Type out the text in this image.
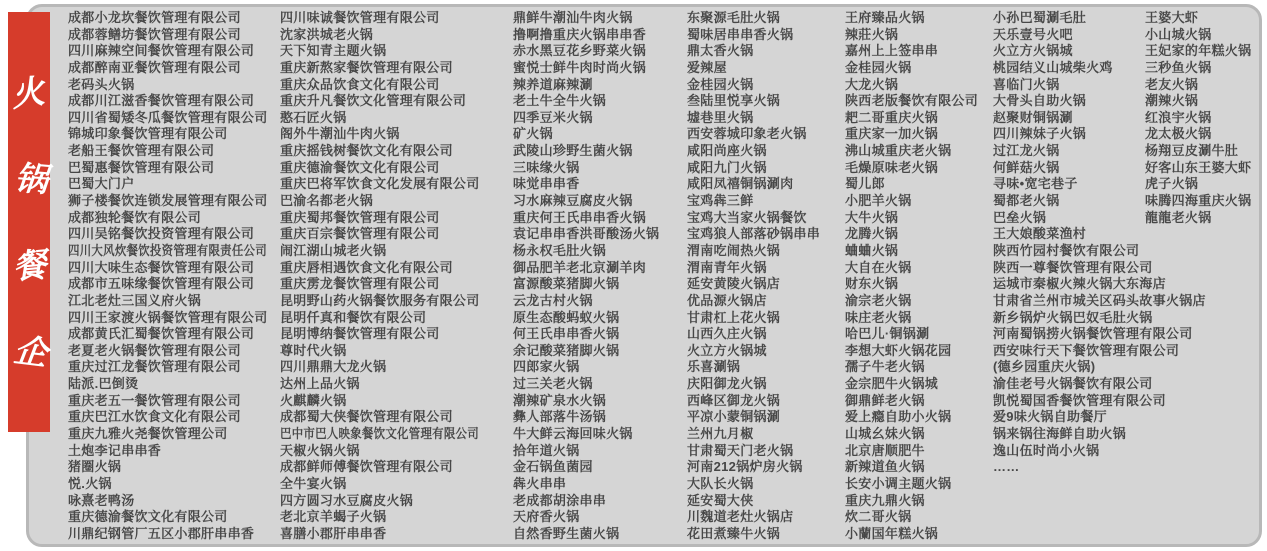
火
锅
餐
企
成都小龙坎餐饮管理有限公司
成都蓉鳝坊餐饮管理有限公司
四川麻辣空间餐饮管理有限公司
成都醉南亚餐饮管理有限公司
老码头火锅
成都川江滋香餐饮管理有限公司
四川省蜀矮冬瓜餐饮管理有限公司
锦城印象餐饮管理有限公司
老船王餐饮管理有限公司
巴蜀惠餐饮管理有限公司
巴蜀大门户
狮子楼餐饮连锁发展管理有限公司
成都独轮餐饮有限公司
四川吴铭餐饮投资管理有限公司
四川大风炊餐饮投资管理有限责任公司
四川大味生态餐饮管理有限公司
成都市五味缘餐饮管理有限公司
江北老灶三国义府火锅
四川王家渡火锅餐饮管理有限公司
成都黄氏汇蜀餐饮管理有限公司
老夏老火锅餐饮管理有限公司
重庆过江龙餐饮管理有限公司
陆派.巴倒烫
重庆老五一餐饮管理有限公司
重庆巴江水饮食文化有限公司
重庆九雅火尧餐饮管理公司
土炮李记串串香
猪圈火锅
悦.火锅
咏熹老鸭汤
重庆德渝餐饮文化有限公司
川鼎纪钢管厂五区小郡肝串串香
四川味诚餐饮管理有限公司
沈家洪城老火锅
天下知青主题火锅
重庆新熬家餐饮管理有限公司
重庆众品饮食文化有限公司
重庆升凡餐饮文化管理有限公司
憨石匠火锅
阁外牛潮汕牛肉火锅
重庆摇钱树餐饮文化有限公司
重庆德渝餐饮文化有限公司
重庆巴将军饮食文化发展有限公司
巴渝名都老火锅
重庆蜀邦餐饮管理有限公司
重庆百宗餐饮管理有限公司
闹江湖山城老火锅
重庆唇相遇饮食文化有限公司
重庆雳龙餐饮管理有限公司
昆明野山药火锅餐饮服务有限公司
昆明仟真和餐饮有限公司
昆明博纳餐饮管理有限公司
尊时代火锅
四川鼎鼎大龙火锅
达州上品火锅
火麒麟火锅
成都蜀大侠餐饮管理有限公司
巴中市巴人映象餐饮文化管理有限公司
天椒火锅火锅
成都鲜师傅餐饮管理有限公司
全牛宴火锅
四方圆习水豆腐皮火锅
老北京羊蝎子火锅
喜膳小郡肝串串香
鼎鲜牛潮汕牛肉火锅
撸啊撸重庆火锅串串香
赤水黑豆花乡野菜火锅
蜜悦士鲜牛肉时尚火锅
辣养道麻辣涮
老土牛全牛火锅
四季豆米火锅
矿火锅
武陵山珍野生菌火锅
三味缘火锅
味觉串串香
习水麻辣豆腐皮火锅
重庆何王氏串串香火锅
袁记串串香洪哥酸汤火锅
杨永权毛肚火锅
御品肥羊老北京涮羊肉
富源酸菜猪脚火锅
云龙古村火锅
原生态酸蚂蚁火锅
何王氏串串香火锅
余记酸菜猪脚火锅
四郎家火锅
过三关老火锅
潮辣矿泉水火锅
彝人部落牛汤锅
牛大鲜云海回味火锅
拾年道火锅
金石锅鱼菌园
犇火串串
老成都胡涂串串
天府香火锅
自然香野生菌火锅
东聚源毛肚火锅
蜀味居串串香火锅
鼎太香火锅
爱辣屋
金桂园火锅
叁陆里悦享火锅
墟巷里火锅
西安蓉城印象老火锅
咸阳尚座火锅
咸阳九门火锅
咸阳凤禧铜锅涮肉
宝鸡犇三鲜
宝鸡大当家火锅餐饮
宝鸡狼人部落砂锅串串
渭南吃闹热火锅
渭南青年火锅
延安黄陵火锅店
优品源火锅店
甘肃杠上花火锅
山西久庄火锅
火立方火锅城
乐喜涮锅
庆阳御龙火锅
西峰区御龙火锅
平凉小蒙铜锅涮
兰州九月椒
甘肃蜀天门老火锅
河南212锅炉房火锅
大队长火锅
延安蜀大侠
川魏道老灶火锅店
花田煮臻牛火锅
王府臻品火锅
辣莊火锅
嘉州上上签串串
金桂园火锅
大龙火锅
陕西老版餐饮有限公司
耙二哥重庆火锅
重庆家一加火锅
沸山城重庆老火锅
毛燥原味老火锅
蜀儿郎
小肥羊火锅
大牛火锅
龙腾火锅
蛐蛐火锅
大自在火锅
财东火锅
渝宗老火锅
味庄老火锅
哈巴儿·铜锅涮
李想大虾火锅花园
孺子牛老火锅
金宗肥牛火锅城
御鼎鲜老火锅
爱上瘾自助小火锅
山城幺妹火锅
北京唐顺肥牛
新辣道鱼火锅
长安小调主题火锅
重庆九鼎火锅
炊二哥火锅
小蘭国年糕火锅
小孙巴蜀涮毛肚
天乐壹号火吧
火立方火锅城
桃园结义山城柴火鸡
喜临门火锅
大骨头自助火锅
赵聚财铜锅涮
四川辣妹子火锅
过江龙火锅
何鲜菇火锅
寻味•宽宅巷子
蜀都老火锅
巴垒火锅
王大娘酸菜渔村
陕西竹园村餐饮有限公司
陕西一尊餐饮管理有限公司
运城市秦椒火辣火锅大东海店
甘肃省兰州市城关区码头故事火锅店
新乡锅炉火锅巴奴毛肚火锅
河南蜀锅捞火锅餐饮管理有限公司
西安味行天下餐饮管理有限公司
(德乡园重庆火锅)
渝佳老号火锅餐饮有限公司
凯悦蜀国香餐饮管理有限公司
爱9味火锅自助餐厅
锅来锅往海鲜自助火锅
逸山伍时尚小火锅
……
王婆大虾
小山城火锅
王妃家的年糕火锅
三秒鱼火锅
老友火锅
潮辣火锅
红浪宇火锅
龙太极火锅
杨翔豆皮涮牛肚
好客山东王婆大虾
虎子火锅
味腾四海重庆火锅
龍龍老火锅
